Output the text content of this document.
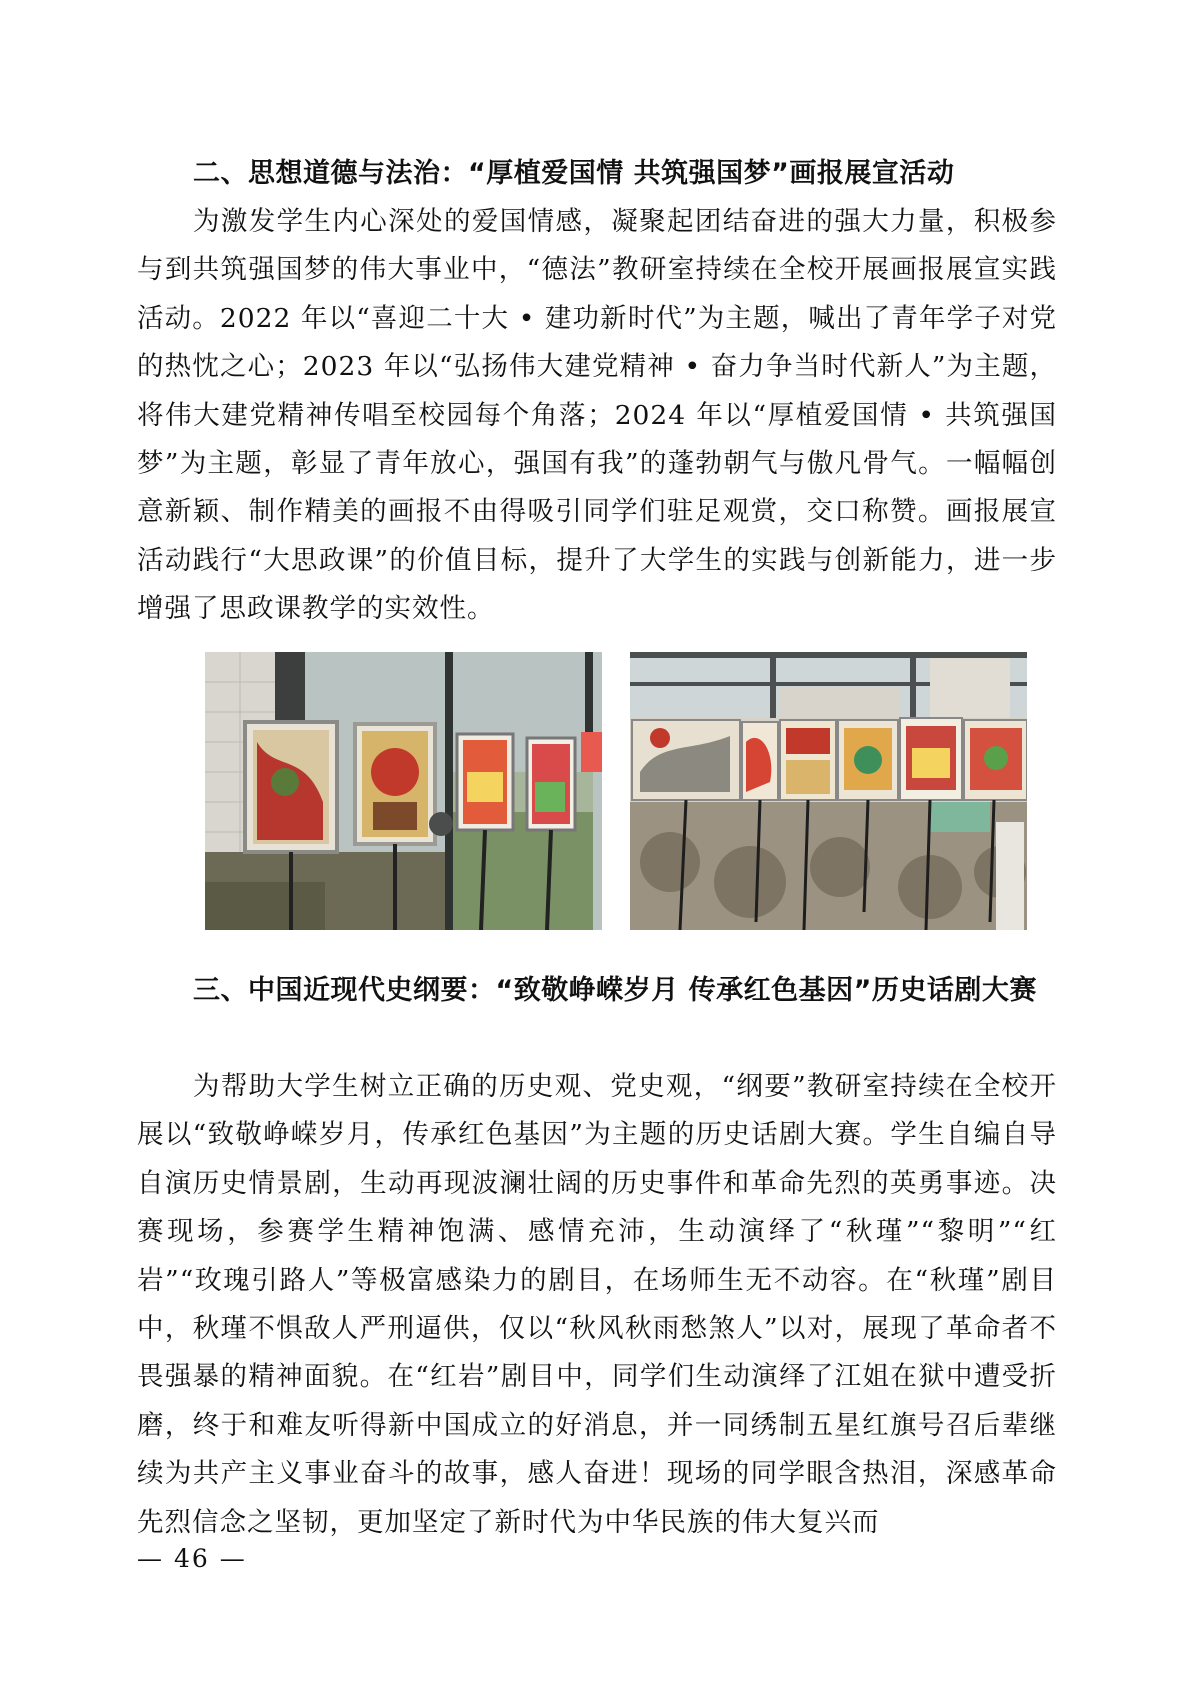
二、思想道德与法治：“厚植爱国情 共筑强国梦”画报展宣活动

为激发学生内心深处的爱国情感，凝聚起团结奋进的强大力量，积极参与到共筑强国梦的伟大事业中，“德法”教研室持续在全校开展画报展宣实践活动。2022 年以“喜迎二十大 • 建功新时代”为主题，喊出了青年学子对党的热忱之心；2023 年以“弘扬伟大建党精神 • 奋力争当时代新人”为主题，将伟大建党精神传唱至校园每个角落；2024 年以“厚植爱国情 • 共筑强国梦”为主题，彰显了青年放心，强国有我”的蓬勃朝气与傲凡骨气。一幅幅创意新颖、制作精美的画报不由得吸引同学们驻足观赏，交口称赞。画报展宣活动践行“大思政课”的价值目标，提升了大学生的实践与创新能力，进一步增强了思政课教学的实效性。

三、中国近现代史纲要：“致敬峥嵘岁月 传承红色基因”历史话剧大赛

为帮助大学生树立正确的历史观、党史观，“纲要”教研室持续在全校开展以“致敬峥嵘岁月，传承红色基因”为主题的历史话剧大赛。学生自编自导自演历史情景剧，生动再现波澜壮阔的历史事件和革命先烈的英勇事迹。决赛现场，参赛学生精神饱满、感情充沛，生动演绎了“秋瑾”“黎明”“红岩”“玫瑰引路人”等极富感染力的剧目，在场师生无不动容。在“秋瑾”剧目中，秋瑾不惧敌人严刑逼供，仅以“秋风秋雨愁煞人”以对，展现了革命者不畏强暴的精神面貌。在“红岩”剧目中，同学们生动演绎了江姐在狱中遭受折磨，终于和难友听得新中国成立的好消息，并一同绣制五星红旗号召后辈继续为共产主义事业奋斗的故事，感人奋进！现场的同学眼含热泪，深感革命先烈信念之坚韧，更加坚定了新时代为中华民族的伟大复兴而

— 46 —
